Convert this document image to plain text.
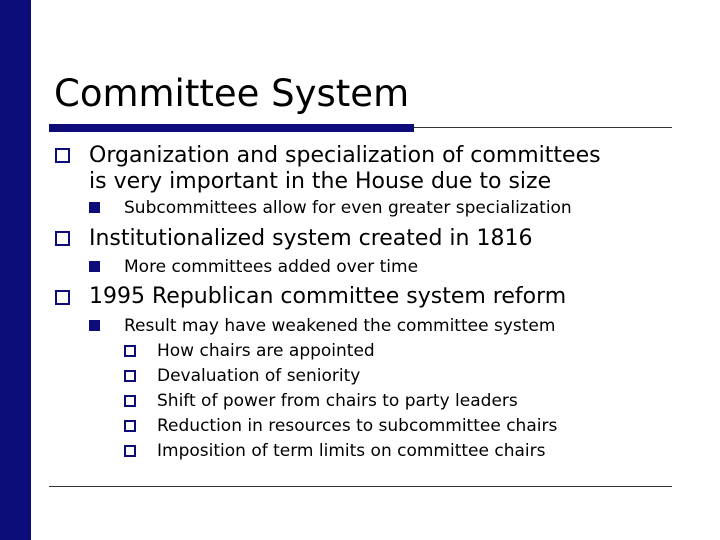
Committee System
Organization and specialization of committees
is very important in the House due to size
Subcommittees allow for even greater specialization
Institutionalized system created in 1816
More committees added over time
1995 Republican committee system reform
Result may have weakened the committee system
How chairs are appointed
Devaluation of seniority
Shift of power from chairs to party leaders
Reduction in resources to subcommittee chairs
Imposition of term limits on committee chairs
